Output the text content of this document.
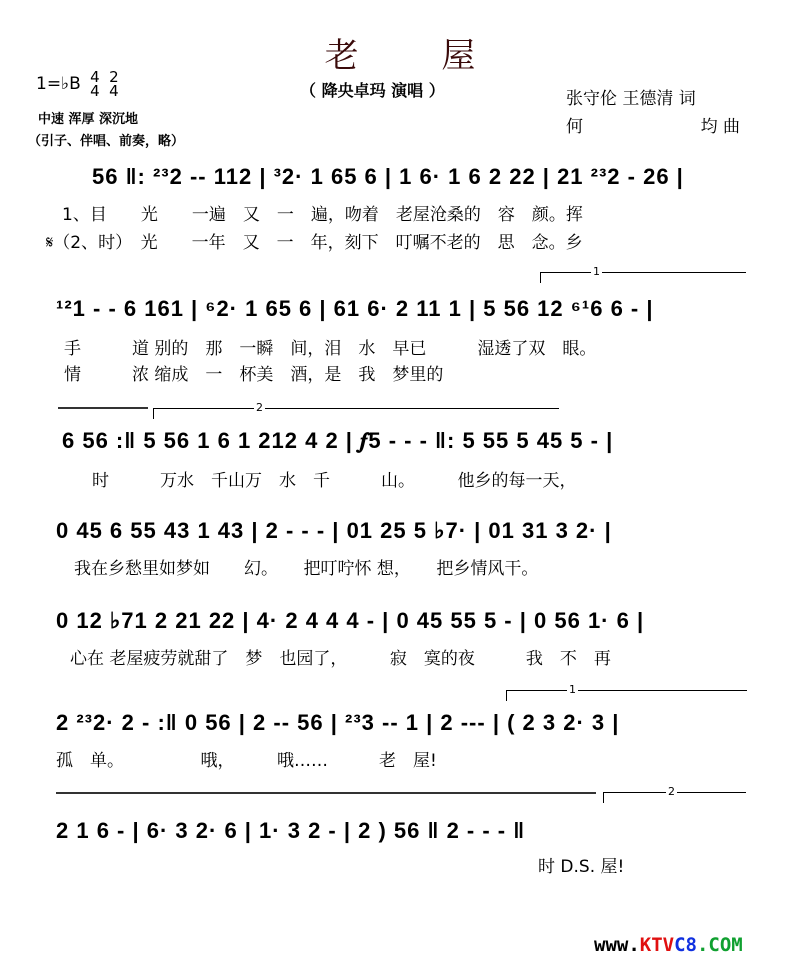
老 屋
1=♭B 4
4

2
4	（ 降央卓玛 演唱 ）
中速 浑厚 深沉地
（引子、伴唱、前奏，略）
张守伦 王德清 词
何	均 曲
56 ‖: ²³2 -- 112 | ³2· 1 65 6 | 1 6· 1 6 2 22 | 21 ²³2 - 26 |
1、目　　光　　一遍　又　一　遍，吻着　老屋沧桑的　容　颜。挥
𝄋（2、时）　光　　一年　又　一　年，刻下　叮嘱不老的　思　念。乡
1
¹²1 - - 6 161 | ⁶2· 1 65 6 | 61 6· 2 11 1 | 5 56 12 ⁶¹6 6 - |
手　　　道 别的　那　一瞬　间，泪　水　早已　　　湿透了双　眼。
情　　　浓 缩成　一　杯美　酒，是　我　梦里的
2
6 56 :‖ 5 56 1 6 1 212 4 2 | 𝆑5 - - - ‖: 5 55 5 45 5 - |
时　　　万水　千山万　水　千　　　山。　　　他乡的每一天，
0 45 6 55 43 1 43 | 2 - - - | 01 25 5 ♭7· | 01 31 3 2· |
我在乡愁里如梦如　　幻。　　把叮咛怀 想，　　把乡情风干。
0 12 ♭71 2 21 22 | 4· 2 4 4 4 - | 0 45 55 5 - | 0 56 1· 6 |
心在 老屋疲劳就甜了　梦　也园了，　　　寂　寞的夜　　　我　不　再
1
2 ²³2· 2 - :‖ 0 56 | 2 -- 56 | ²³3 -- 1 | 2 --- | ( 2 3 2· 3 |
孤　单。　　　　　哦，　　　哦……　　　老　屋!
2
2 1 6 - | 6· 3 2· 6 | 1· 3 2 - | 2 ) 56 ‖ 2 - - - ‖
时 D.S. 屋!
www.KTVC8.COM
